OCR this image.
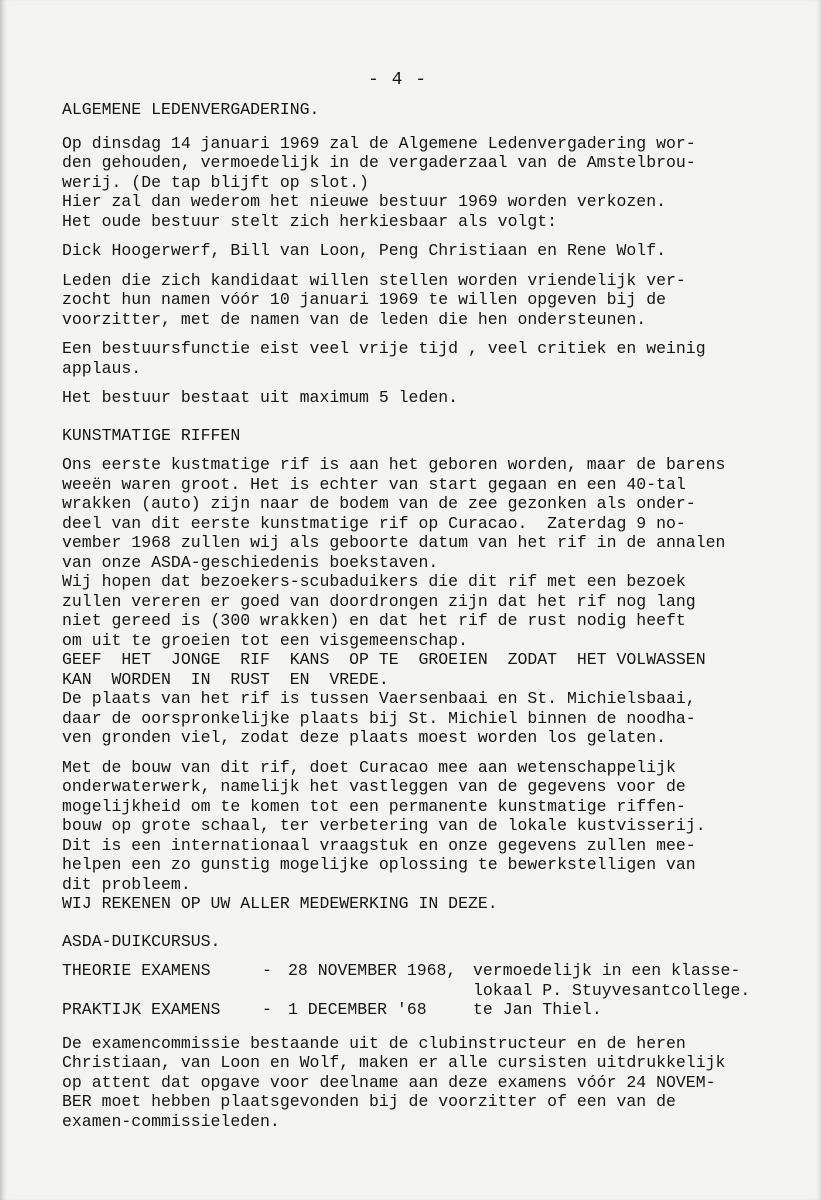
- 4 -

ALGEMENE LEDENVERGADERING.

Op dinsdag 14 januari 1969 zal de Algemene Ledenvergadering wor-
den gehouden, vermoedelijk in de vergaderzaal van de Amstelbrou-
werij. (De tap blijft op slot.)
Hier zal dan wederom het nieuwe bestuur 1969 worden verkozen.
Het oude bestuur stelt zich herkiesbaar als volgt:

Dick Hoogerwerf, Bill van Loon, Peng Christiaan en Rene Wolf.

Leden die zich kandidaat willen stellen worden vriendelijk ver-
zocht hun namen vóór 10 januari 1969 te willen opgeven bij de
voorzitter, met de namen van de leden die hen ondersteunen.

Een bestuursfunctie eist veel vrije tijd , veel critiek en weinig
applaus.

Het bestuur bestaat uit maximum 5 leden.

KUNSTMATIGE RIFFEN

Ons eerste kustmatige rif is aan het geboren worden, maar de barens
weeën waren groot. Het is echter van start gegaan en een 40-tal
wrakken (auto) zijn naar de bodem van de zee gezonken als onder-
deel van dit eerste kunstmatige rif op Curacao.  Zaterdag 9 no-
vember 1968 zullen wij als geboorte datum van het rif in de annalen
van onze ASDA-geschiedenis boekstaven.
Wij hopen dat bezoekers-scubaduikers die dit rif met een bezoek
zullen vereren er goed van doordrongen zijn dat het rif nog lang
niet gereed is (300 wrakken) en dat het rif de rust nodig heeft
om uit te groeien tot een visgemeenschap.
GEEF  HET  JONGE  RIF  KANS  OP TE  GROEIEN  ZODAT  HET VOLWASSEN
KAN  WORDEN  IN  RUST  EN  VREDE.
De plaats van het rif is tussen Vaersenbaai en St. Michielsbaai,
daar de oorspronkelijke plaats bij St. Michiel binnen de noodha-
ven gronden viel, zodat deze plaats moest worden los gelaten.

Met de bouw van dit rif, doet Curacao mee aan wetenschappelijk
onderwaterwerk, namelijk het vastleggen van de gegevens voor de
mogelijkheid om te komen tot een permanente kunstmatige riffen-
bouw op grote schaal, ter verbetering van de lokale kustvisserij.
Dit is een internationaal vraagstuk en onze gegevens zullen mee-
helpen een zo gunstig mogelijke oplossing te bewerkstelligen van
dit probleem.
WIJ REKENEN OP UW ALLER MEDEWERKING IN DEZE.

ASDA-DUIKCURSUS.

THEORIE EXAMENS	-	28 NOVEMBER 1968,	vermoedelijk in een klasse-
lokaal P. Stuyvesantcollege.

PRAKTIJK EXAMENS	-	1 DECEMBER '68	te Jan Thiel.

De examencommissie bestaande uit de clubinstructeur en de heren
Christiaan, van Loon en Wolf, maken er alle cursisten uitdrukkelijk
op attent dat opgave voor deelname aan deze examens vóór 24 NOVEM-
BER moet hebben plaatsgevonden bij de voorzitter of een van de
examen-commissieleden.
